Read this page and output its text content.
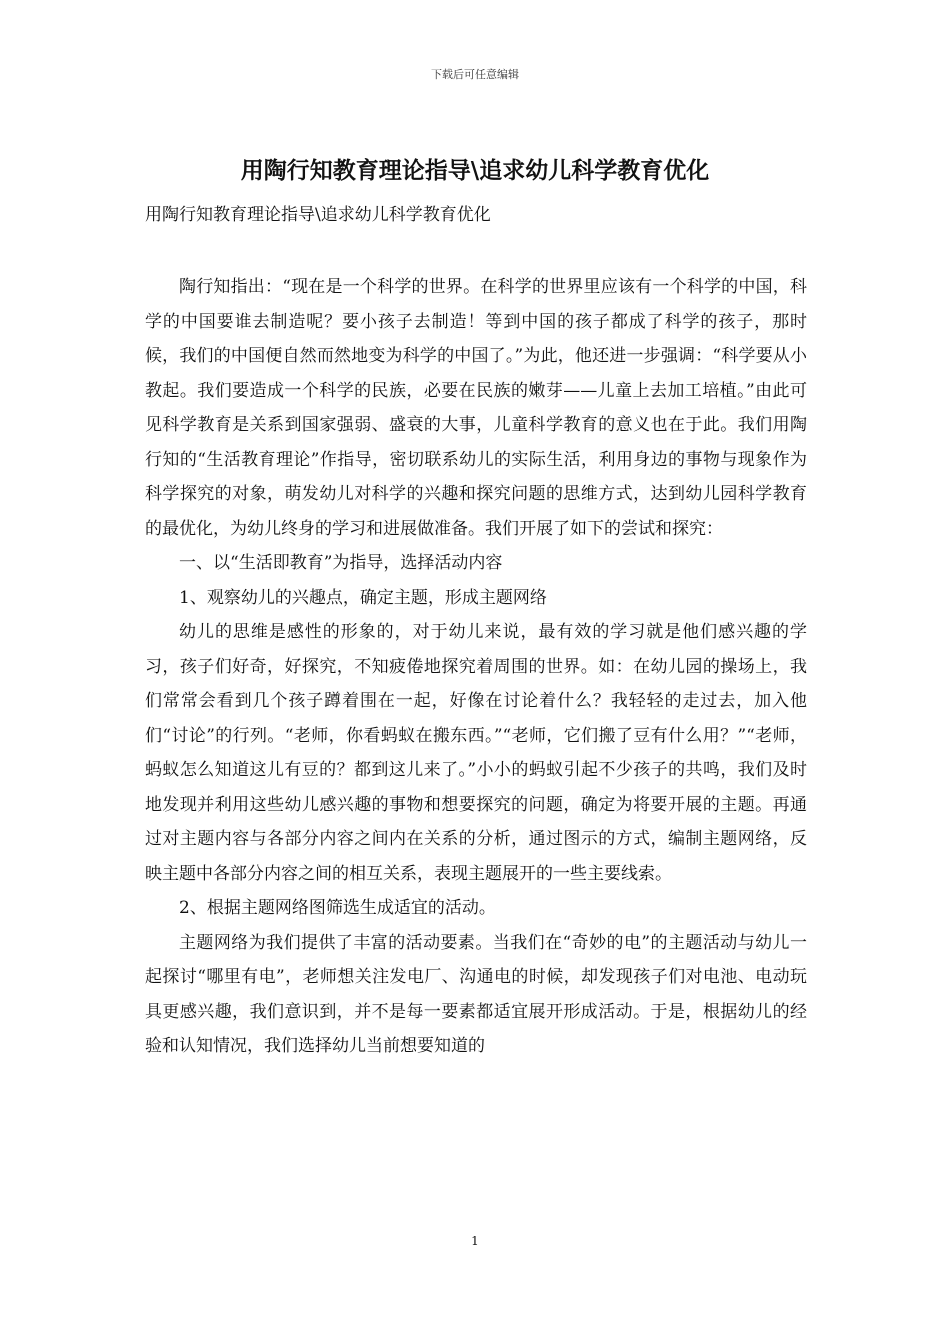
下载后可任意编辑
用陶行知教育理论指导\追求幼儿科学教育优化

用陶行知教育理论指导\追求幼儿科学教育优化

陶行知指出：“现在是一个科学的世界。在科学的世界里应该有一个科学的中国，科学的中国要谁去制造呢？要小孩子去制造！等到中国的孩子都成了科学的孩子，那时候，我们的中国便自然而然地变为科学的中国了。”为此，他还进一步强调：“科学要从小教起。我们要造成一个科学的民族，必要在民族的嫩芽——儿童上去加工培植。”由此可见科学教育是关系到国家强弱、盛衰的大事，儿童科学教育的意义也在于此。我们用陶行知的“生活教育理论”作指导，密切联系幼儿的实际生活，利用身边的事物与现象作为科学探究的对象，萌发幼儿对科学的兴趣和探究问题的思维方式，达到幼儿园科学教育的最优化，为幼儿终身的学习和进展做准备。我们开展了如下的尝试和探究：

一、以“生活即教育”为指导，选择活动内容

1、观察幼儿的兴趣点，确定主题，形成主题网络

幼儿的思维是感性的形象的，对于幼儿来说，最有效的学习就是他们感兴趣的学习，孩子们好奇，好探究，不知疲倦地探究着周围的世界。如：在幼儿园的操场上，我们常常会看到几个孩子蹲着围在一起，好像在讨论着什么？我轻轻的走过去，加入他们“讨论”的行列。“老师，你看蚂蚁在搬东西。”“老师，它们搬了豆有什么用？”“老师，蚂蚁怎么知道这儿有豆的？都到这儿来了。”小小的蚂蚁引起不少孩子的共鸣，我们及时地发现并利用这些幼儿感兴趣的事物和想要探究的问题，确定为将要开展的主题。再通过对主题内容与各部分内容之间内在关系的分析，通过图示的方式，编制主题网络，反映主题中各部分内容之间的相互关系，表现主题展开的一些主要线索。

2、根据主题网络图筛选生成适宜的活动。

主题网络为我们提供了丰富的活动要素。当我们在“奇妙的电”的主题活动与幼儿一起探讨“哪里有电”，老师想关注发电厂、沟通电的时候，却发现孩子们对电池、电动玩具更感兴趣，我们意识到，并不是每一要素都适宜展开形成活动。于是，根据幼儿的经验和认知情况，我们选择幼儿当前想要知道的

1
